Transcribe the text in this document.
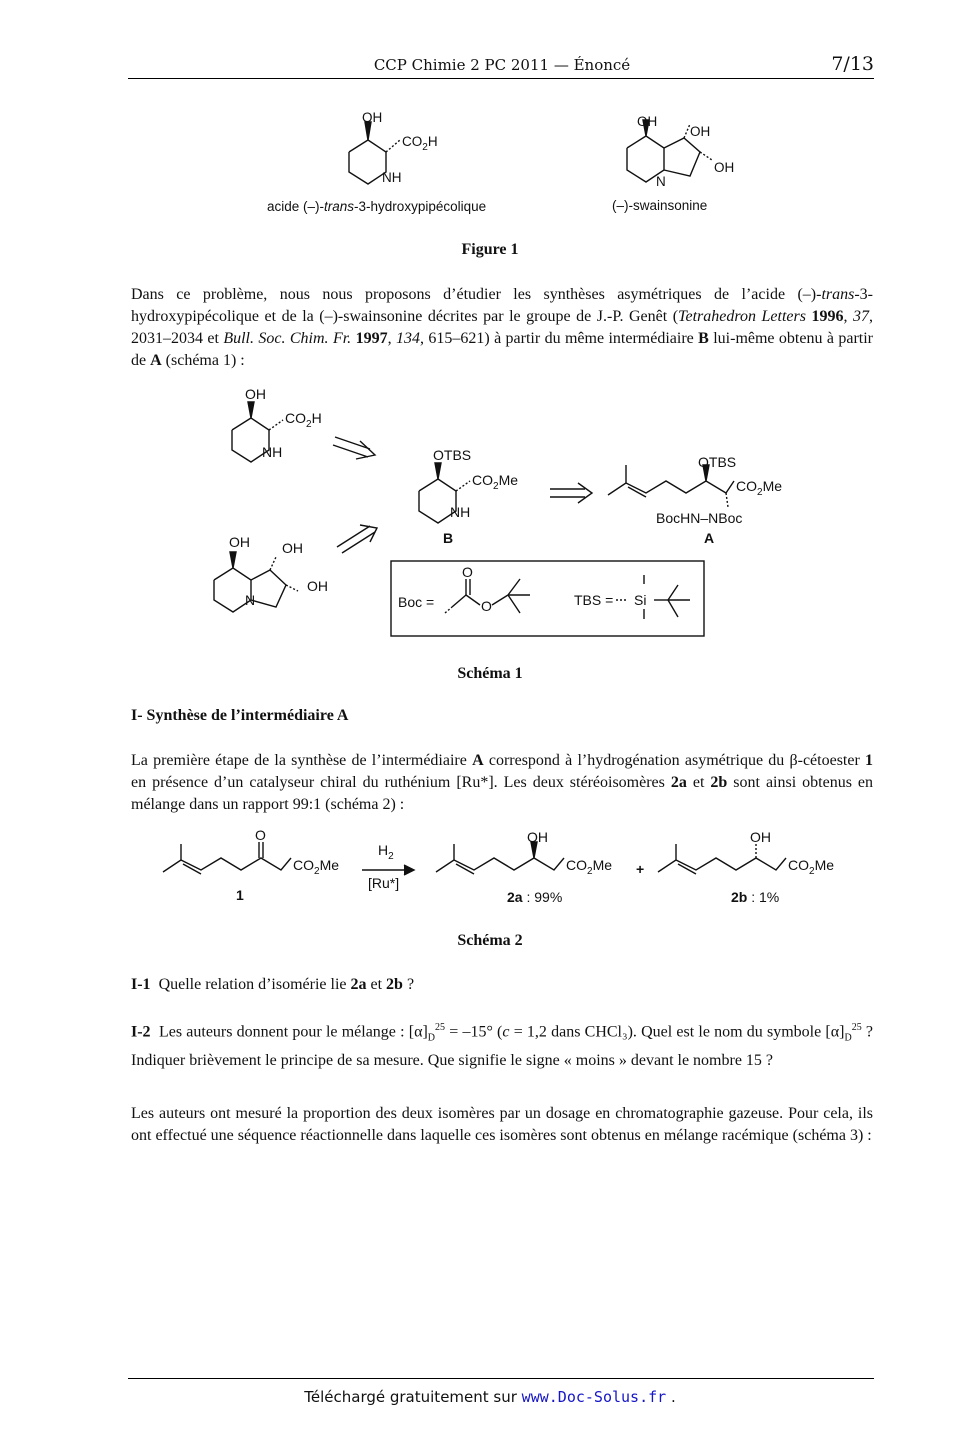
CCP Chimie 2 PC 2011 — Énoncé	7/13
OH
$CO_2H$
NH
OH
OH
OH
N
acide (–)-trans-3-hydroxypipécolique	(–)-swainsonine
Figure 1

Dans ce problème, nous nous proposons d’étudier les synthèses asymétriques de l’acide (–)-trans-3-hydroxypipécolique et de la (–)-swainsonine décrites par le groupe de J.-P. Genêt (Tetrahedron Letters 1996, 37, 2031–2034 et Bull. Soc. Chim. Fr. 1997, 134, 615–621) à partir du même intermédiaire B lui-même obtenu à partir de A (schéma 1) :

OH
$CO_2H$
NH	OTBS
$CO_2Me$
NH
B
OTBS
$CO_2Me$
BocHN–NBoc
A
OH OH
OH
N	Boc =
O
O	TBS = Si
Schéma 1
I- Synthèse de l’intermédiaire A

La première étape de la synthèse de l’intermédiaire A correspond à l’hydrogénation asymétrique du β-cétoester 1 en présence d’un catalyseur chiral du ruthénium [Ru*]. Les deux stéréoisomères 2a et 2b sont ainsi obtenus en mélange dans un rapport 99:1 (schéma 2) :

O
$CO_2Me$
$H_2$
[Ru*]
OH
$CO_2Me$ +
OH
$CO_2Me$
1	2a : 99%	2b : 1%
Schéma 2
I-1 Quelle relation d’isomérie lie 2a et 2b ?
I-2 Les auteurs donnent pour le mélange : $[\alpha]_D^{25} = -15^\circ$ (c = 1,2 dans CHCl₃). Quel est le nom du symbole $[\alpha]_D^{25}$ ? Indiquer brièvement le principe de sa mesure. Que signifie le signe « moins » devant le nombre 15 ?
Les auteurs ont mesuré la proportion des deux isomères par un dosage en chromatographie gazeuse. Pour cela, ils ont effectué une séquence réactionnelle dans laquelle ces isomères sont obtenus en mélange racémique (schéma 3) :
Téléchargé gratuitement sur www.Doc-Solus.fr .
